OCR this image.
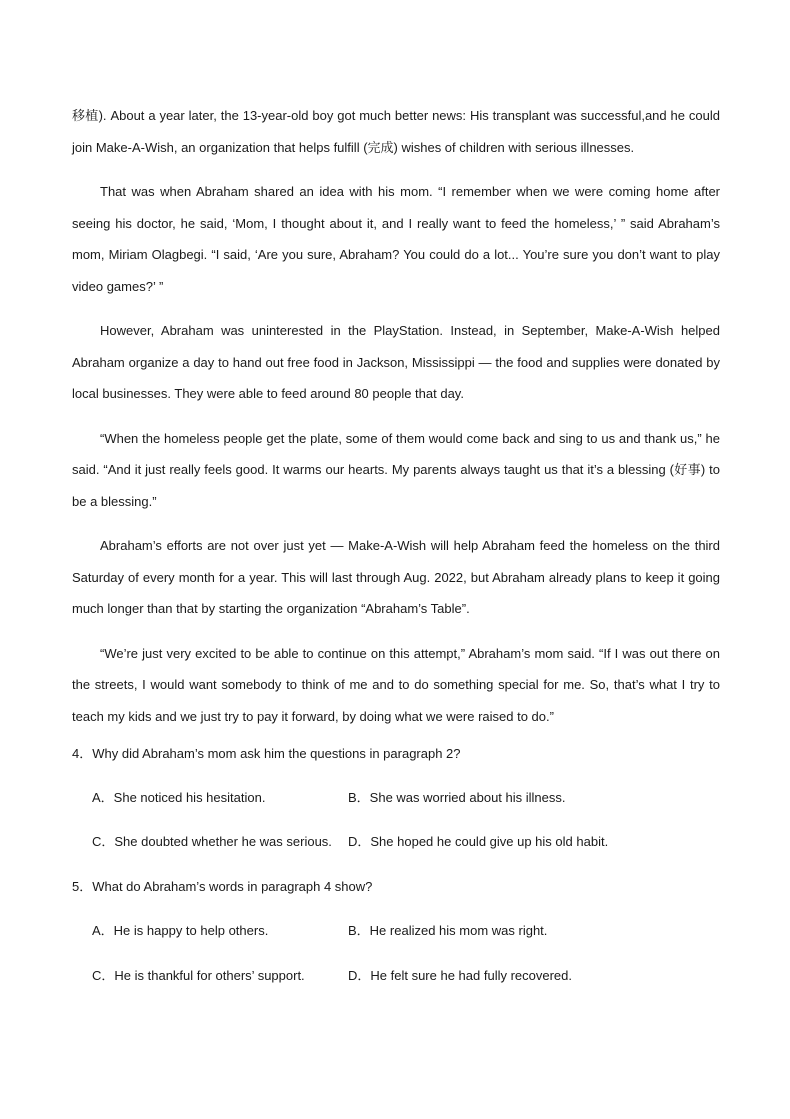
移植). About a year later, the 13-year-old boy got much better news: His transplant was successful,and he could join Make-A-Wish, an organization that helps fulfill (完成) wishes of children with serious illnesses.

That was when Abraham shared an idea with his mom. “I remember when we were coming home after seeing his doctor, he said, ‘Mom, I thought about it, and I really want to feed the homeless,’ ” said Abraham’s mom, Miriam Olagbegi. “I said, ‘Are you sure, Abraham? You could do a lot... You’re sure you don’t want to play video games?’ ”

However, Abraham was uninterested in the PlayStation. Instead, in September, Make-A-Wish helped Abraham organize a day to hand out free food in Jackson, Mississippi — the food and supplies were donated by local businesses. They were able to feed around 80 people that day.

“When the homeless people get the plate, some of them would come back and sing to us and thank us,” he said. “And it just really feels good. It warms our hearts. My parents always taught us that it’s a blessing (好事) to be a blessing.”

Abraham’s efforts are not over just yet — Make-A-Wish will help Abraham feed the homeless on the third Saturday of every month for a year. This will last through Aug. 2022, but Abraham already plans to keep it going much longer than that by starting the organization “Abraham’s Table”.

“We’re just very excited to be able to continue on this attempt,” Abraham’s mom said. “If I was out there on the streets, I would want somebody to think of me and to do something special for me. So, that’s what I try to teach my kids and we just try to pay it forward, by doing what we were raised to do.”

4．Why did Abraham’s mom ask him the questions in paragraph 2?
A．She noticed his hesitation.	B．She was worried about his illness.
C．She doubted whether he was serious. D．She hoped he could give up his old habit.
5．What do Abraham’s words in paragraph 4 show?
A．He is happy to help others.	B．He realized his mom was right.
C．He is thankful for others’ support.	D．He felt sure he had fully recovered.
